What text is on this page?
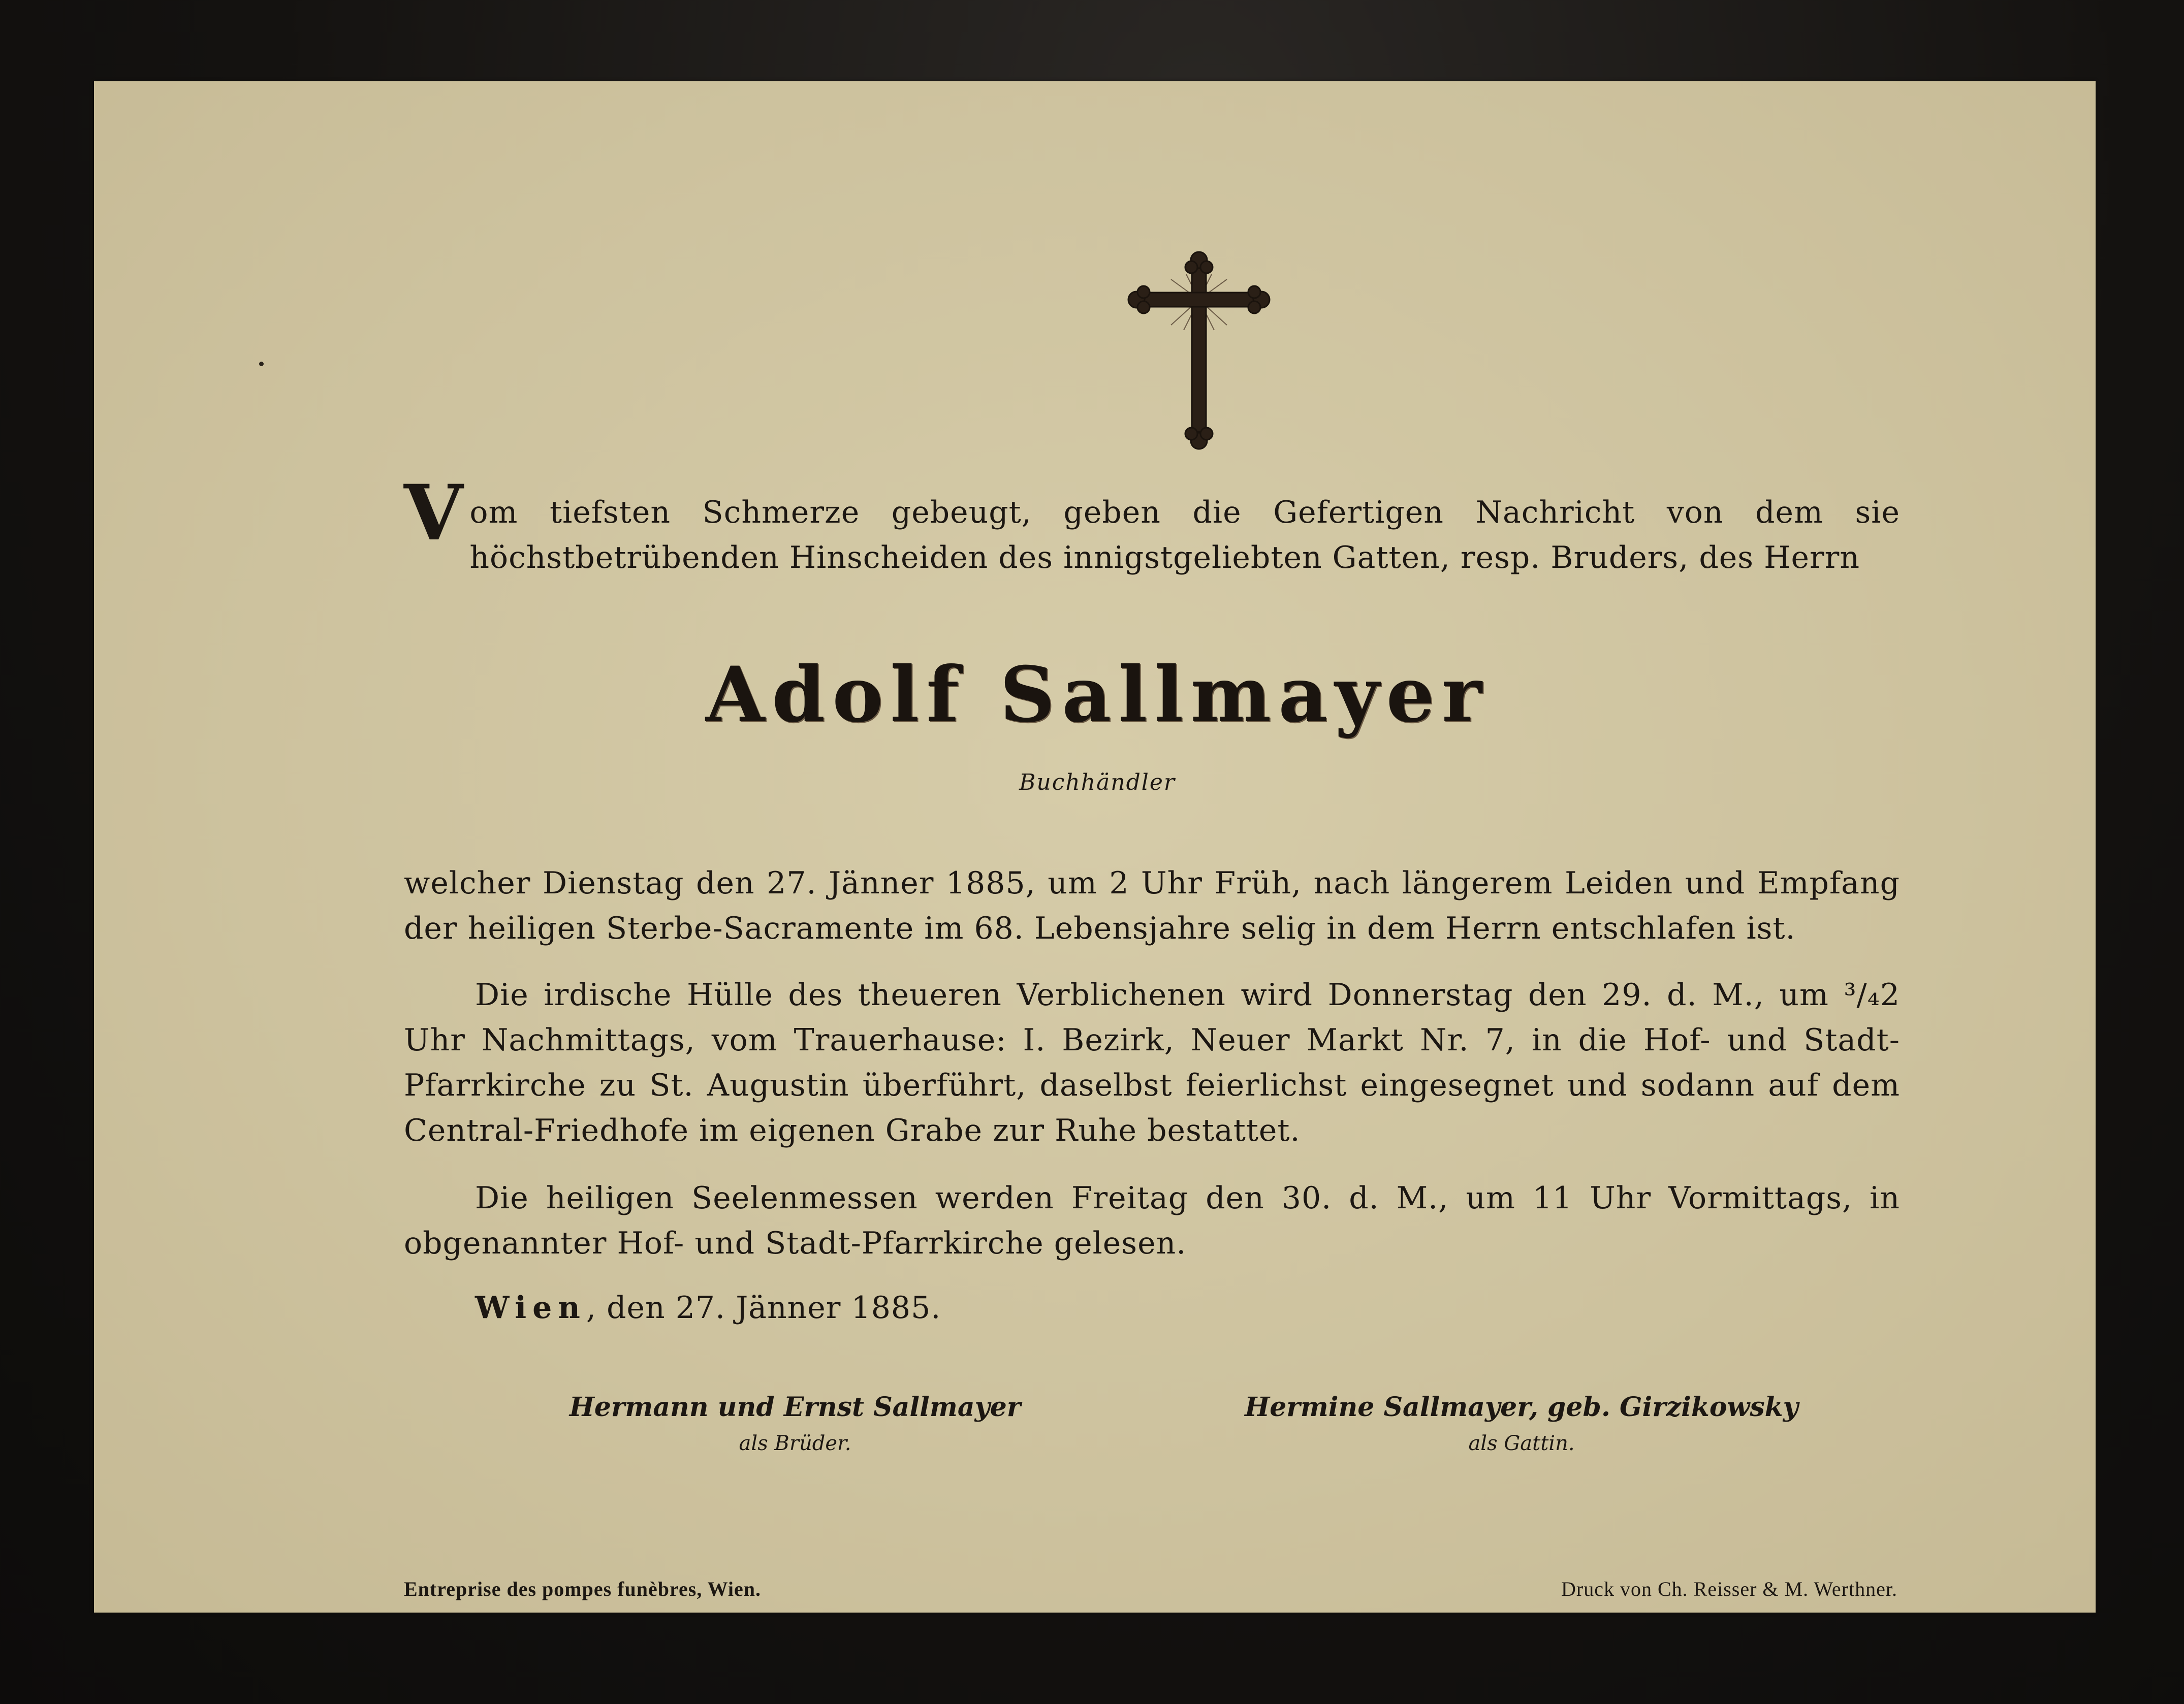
Vom tiefsten Schmerze gebeugt, geben die Gefertigen Nachricht von dem sie höchstbetrübenden Hinscheiden des innigstgeliebten Gatten, resp. Bruders, des Herrn

Adolf Sallmayer
Buchhändler

welcher Dienstag den 27. Jänner 1885, um 2 Uhr Früh, nach längerem Leiden und Empfang der heiligen Sterbe-Sacramente im 68. Lebensjahre selig in dem Herrn entschlafen ist.

Die irdische Hülle des theueren Verblichenen wird Donnerstag den 29. d. M., um ³/₄2 Uhr Nachmittags, vom Trauerhause: I. Bezirk, Neuer Markt Nr. 7, in die Hof- und Stadt-Pfarrkirche zu St. Augustin überführt, daselbst feierlichst eingesegnet und sodann auf dem Central-Friedhofe im eigenen Grabe zur Ruhe bestattet.

Die heiligen Seelenmessen werden Freitag den 30. d. M., um 11 Uhr Vormittags, in obgenannter Hof- und Stadt-Pfarrkirche gelesen.

Wien, den 27. Jänner 1885.
Hermann und Ernst Sallmayer
als Brüder.
Hermine Sallmayer, geb. Girzikowsky
als Gattin.
Entreprise des pompes funèbres, Wien.	Druck von Ch. Reisser & M. Werthner.
